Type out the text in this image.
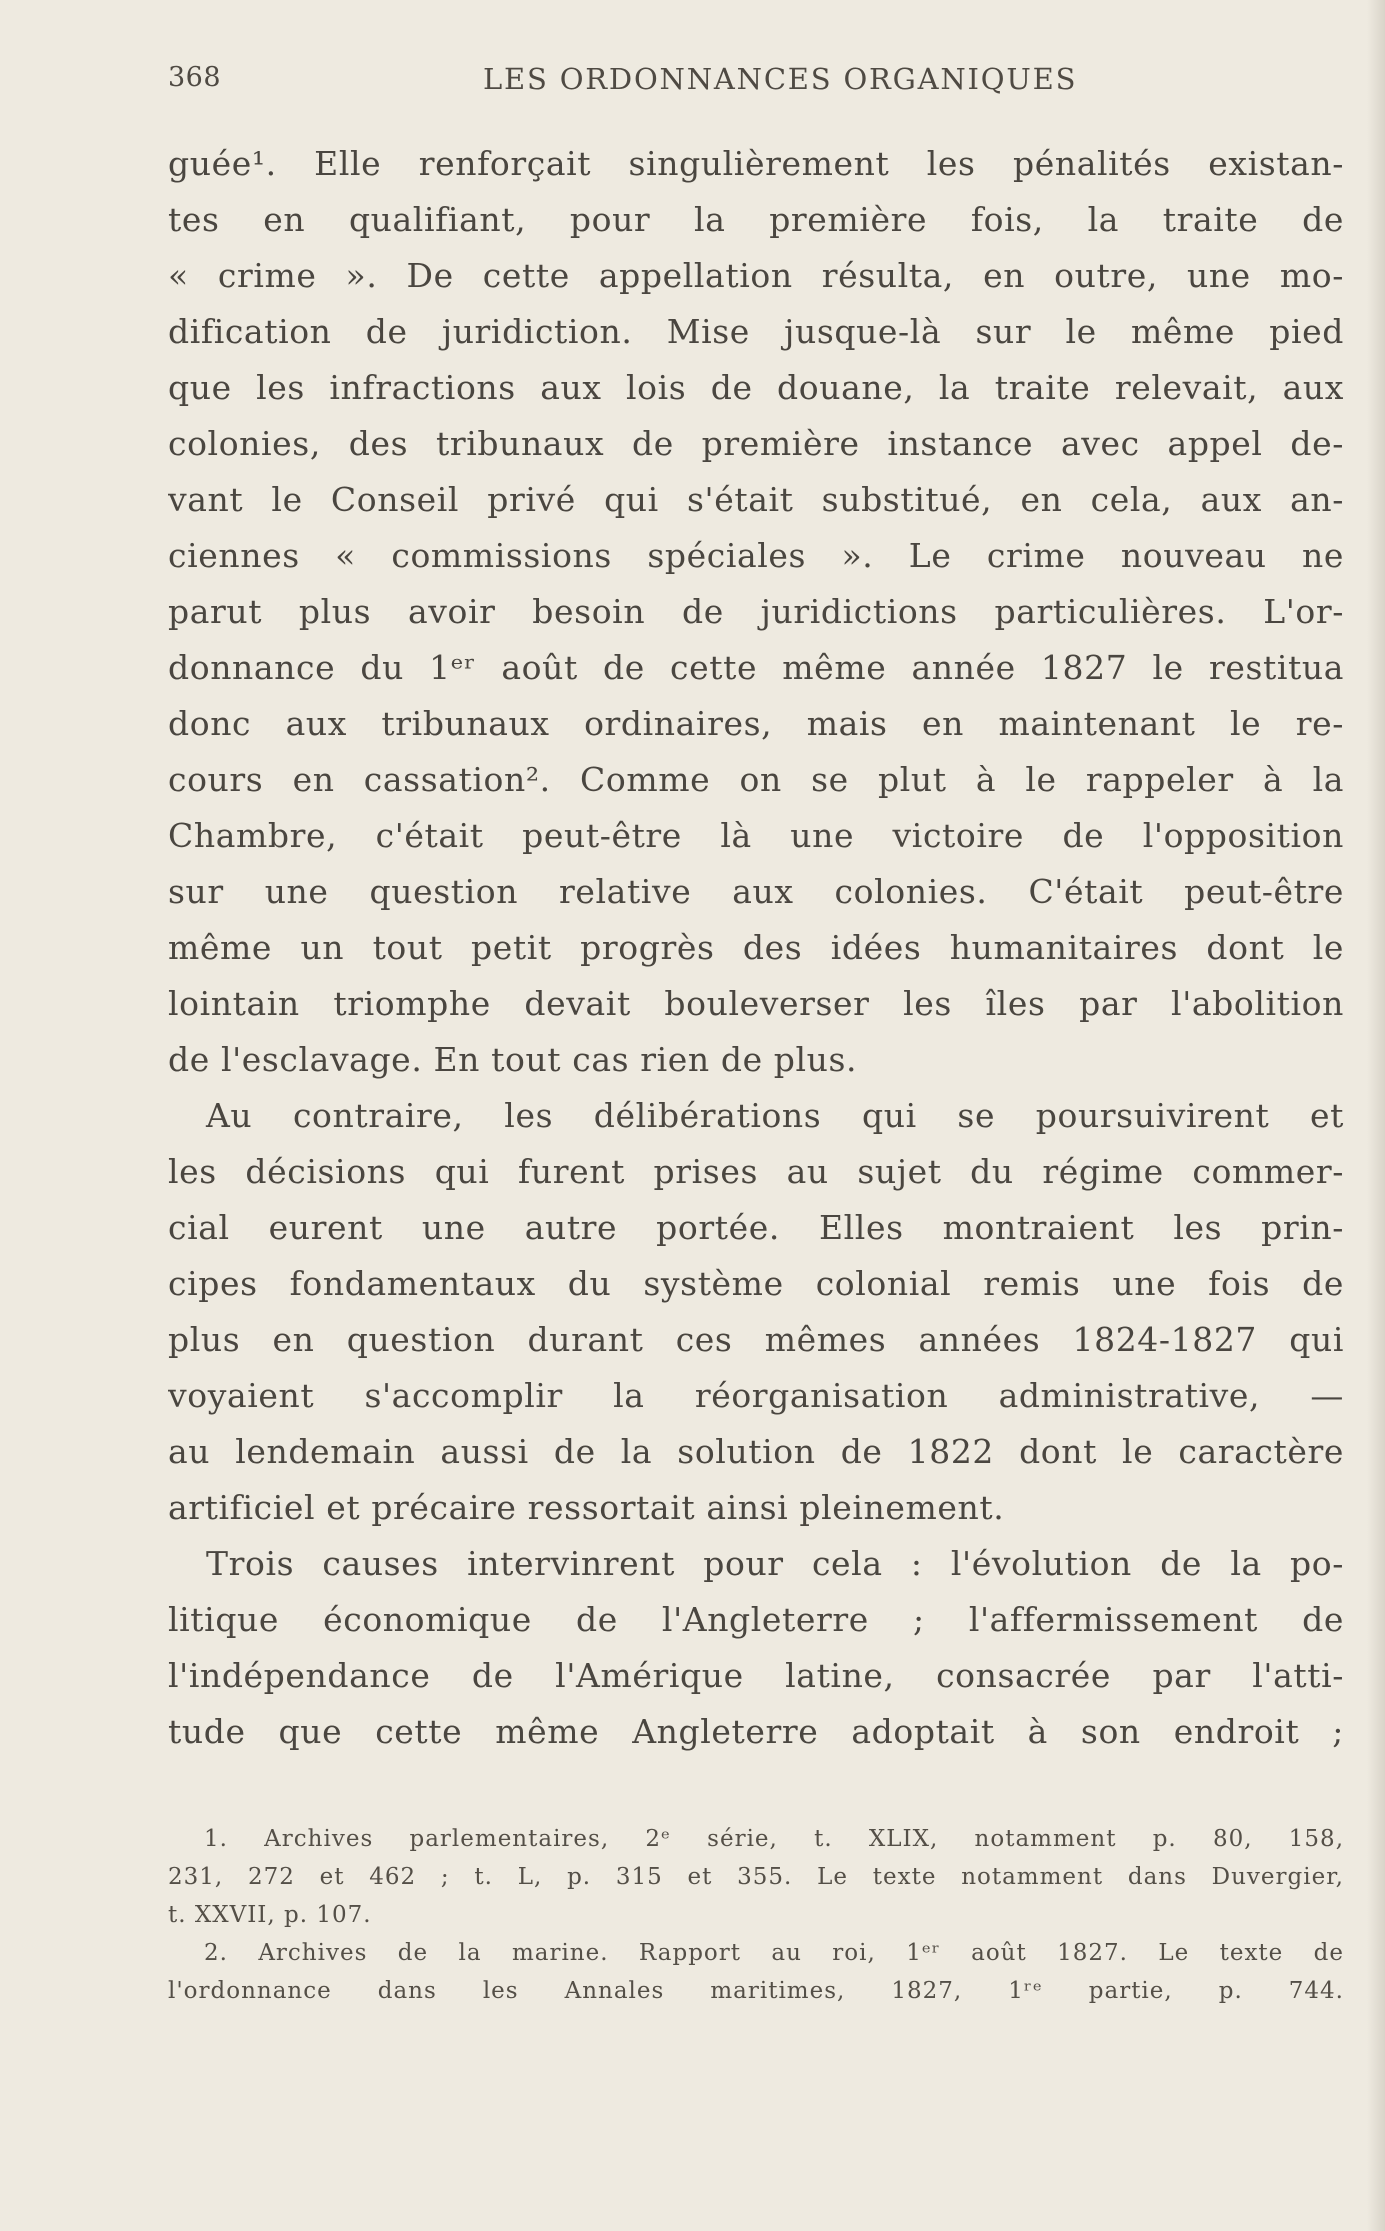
368	LES ORDONNANCES ORGANIQUES
guée¹. Elle renforçait singulièrement les pénalités existan-
tes en qualifiant, pour la première fois, la traite de
« crime ». De cette appellation résulta, en outre, une mo-
dification de juridiction. Mise jusque-là sur le même pied
que les infractions aux lois de douane, la traite relevait, aux
colonies, des tribunaux de première instance avec appel de-
vant le Conseil privé qui s'était substitué, en cela, aux an-
ciennes « commissions spéciales ». Le crime nouveau ne
parut plus avoir besoin de juridictions particulières. L'or-
donnance du 1ᵉʳ août de cette même année 1827 le restitua
donc aux tribunaux ordinaires, mais en maintenant le re-
cours en cassation². Comme on se plut à le rappeler à la
Chambre, c'était peut-être là une victoire de l'opposition
sur une question relative aux colonies. C'était peut-être
même un tout petit progrès des idées humanitaires dont le
lointain triomphe devait bouleverser les îles par l'abolition
de l'esclavage. En tout cas rien de plus.
Au contraire, les délibérations qui se poursuivirent et
les décisions qui furent prises au sujet du régime commer-
cial eurent une autre portée. Elles montraient les prin-
cipes fondamentaux du système colonial remis une fois de
plus en question durant ces mêmes années 1824-1827 qui
voyaient s'accomplir la réorganisation administrative, —
au lendemain aussi de la solution de 1822 dont le caractère
artificiel et précaire ressortait ainsi pleinement.
Trois causes intervinrent pour cela : l'évolution de la po-
litique économique de l'Angleterre ; l'affermissement de
l'indépendance de l'Amérique latine, consacrée par l'atti-
tude que cette même Angleterre adoptait à son endroit ;
1. Archives parlementaires, 2ᵉ série, t. XLIX, notamment p. 80, 158,
231, 272 et 462 ; t. L, p. 315 et 355. Le texte notamment dans Duvergier,
t. XXVII, p. 107.
2. Archives de la marine. Rapport au roi, 1ᵉʳ août 1827. Le texte de
l'ordonnance dans les Annales maritimes, 1827, 1ʳᵉ partie, p. 744.
